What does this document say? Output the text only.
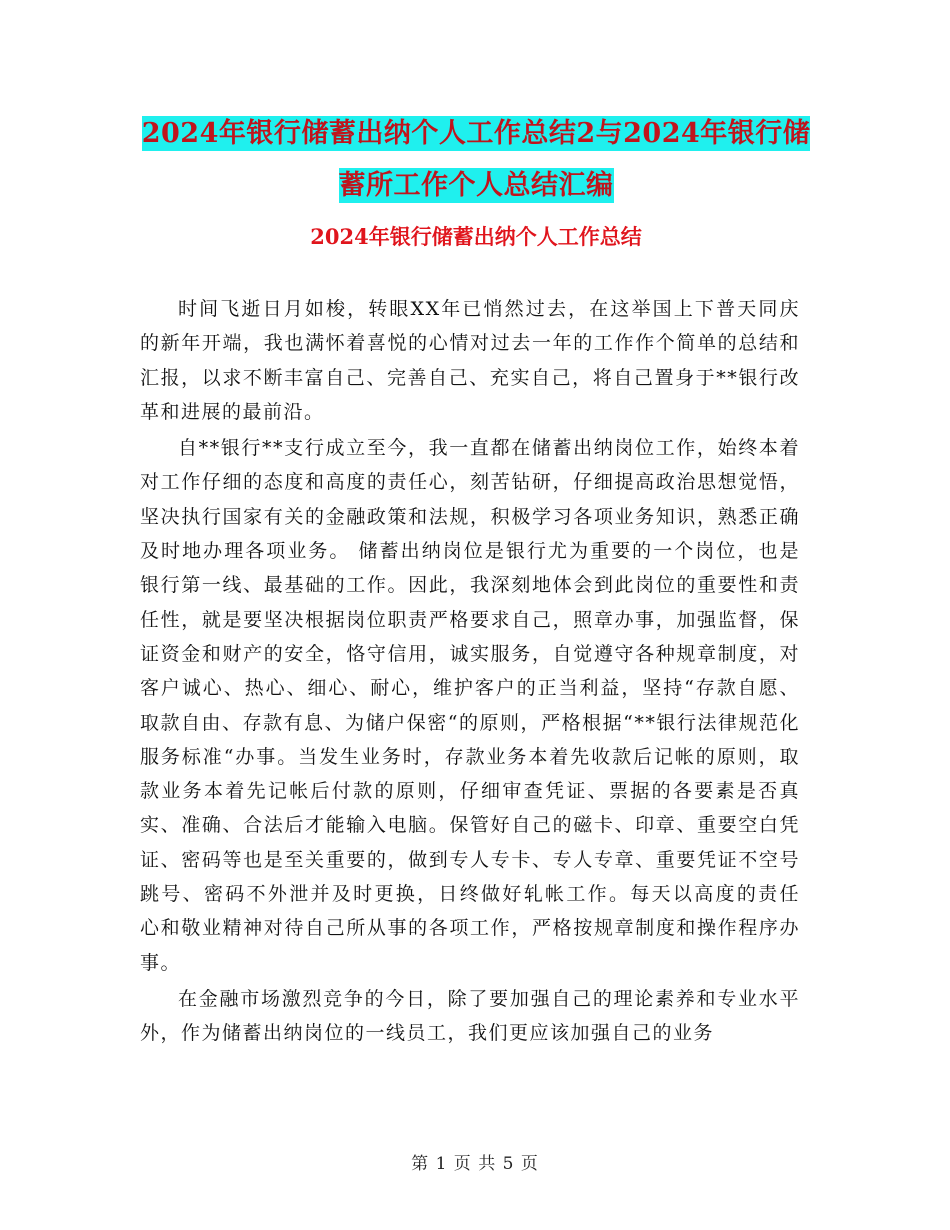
2024年银行储蓄出纳个人工作总结2与2024年银行储蓄所工作个人总结汇编
2024年银行储蓄出纳个人工作总结

时间飞逝日月如梭，转眼XX年已悄然过去，在这举国上下普天同庆的新年开端，我也满怀着喜悦的心情对过去一年的工作作个简单的总结和汇报，以求不断丰富自己、完善自己、充实自己，将自己置身于**银行改革和进展的最前沿。

自**银行**支行成立至今，我一直都在储蓄出纳岗位工作，始终本着对工作仔细的态度和高度的责任心，刻苦钻研，仔细提高政治思想觉悟，坚决执行国家有关的金融政策和法规，积极学习各项业务知识，熟悉正确及时地办理各项业务。 储蓄出纳岗位是银行尤为重要的一个岗位，也是银行第一线、最基础的工作。因此，我深刻地体会到此岗位的重要性和责任性，就是要坚决根据岗位职责严格要求自己，照章办事，加强监督，保证资金和财产的安全，恪守信用，诚实服务，自觉遵守各种规章制度，对客户诚心、热心、细心、耐心，维护客户的正当利益，坚持“存款自愿、取款自由、存款有息、为储户保密“的原则，严格根据“**银行法律规范化服务标准“办事。当发生业务时，存款业务本着先收款后记帐的原则，取款业务本着先记帐后付款的原则，仔细审查凭证、票据的各要素是否真实、准确、合法后才能输入电脑。保管好自己的磁卡、印章、重要空白凭证、密码等也是至关重要的，做到专人专卡、专人专章、重要凭证不空号跳号、密码不外泄并及时更换，日终做好轧帐工作。每天以高度的责任 心和敬业精神对待自己所从事的各项工作，严格按规章制度和操作程序办事。

在金融市场激烈竞争的今日，除了要加强自己的理论素养和专业水平外，作为储蓄出纳岗位的一线员工，我们更应该加强自己的业务

第 1 页 共 5 页
